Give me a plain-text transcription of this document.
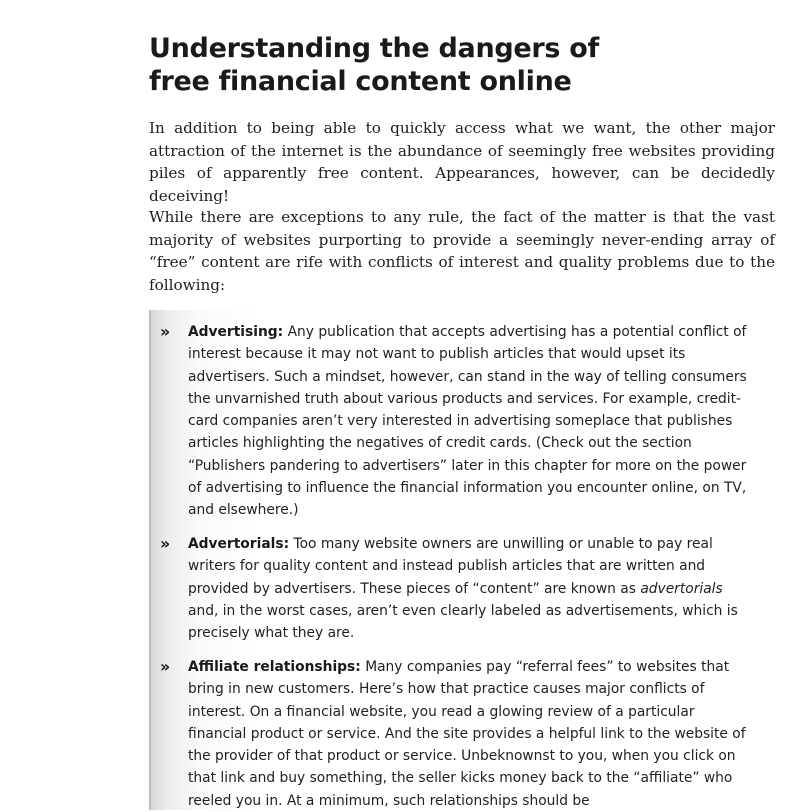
Understanding the dangers of
free financial content online

In addition to being able to quickly access what we want, the other major attraction of the internet is the abundance of seemingly free websites providing piles of apparently free content. Appearances, however, can be decidedly deceiving!

While there are exceptions to any rule, the fact of the matter is that the vast majority of websites purporting to provide a seemingly never-ending array of “free” content are rife with conflicts of interest and quality problems due to the following:

›› Advertising: Any publication that accepts advertising has a potential conflict of interest because it may not want to publish articles that would upset its advertisers. Such a mindset, however, can stand in the way of telling consumers the unvarnished truth about various products and services. For example, credit-card companies aren’t very interested in advertising someplace that publishes articles highlighting the negatives of credit cards. (Check out the section “Publishers pandering to advertisers” later in this chapter for more on the power of advertising to influence the financial information you encounter online, on TV, and elsewhere.)

›› Advertorials: Too many website owners are unwilling or unable to pay real writers for quality content and instead publish articles that are written and provided by advertisers. These pieces of “content” are known as advertorials and, in the worst cases, aren’t even clearly labeled as advertisements, which is precisely what they are.

›› Affiliate relationships: Many companies pay “referral fees” to websites that bring in new customers. Here’s how that practice causes major conflicts of interest. On a financial website, you read a glowing review of a particular financial product or service. And the site provides a helpful link to the website of the provider of that product or service. Unbeknownst to you, when you click on that link and buy something, the seller kicks money back to the “affiliate” who reeled you in. At a minimum, such relationships should be
